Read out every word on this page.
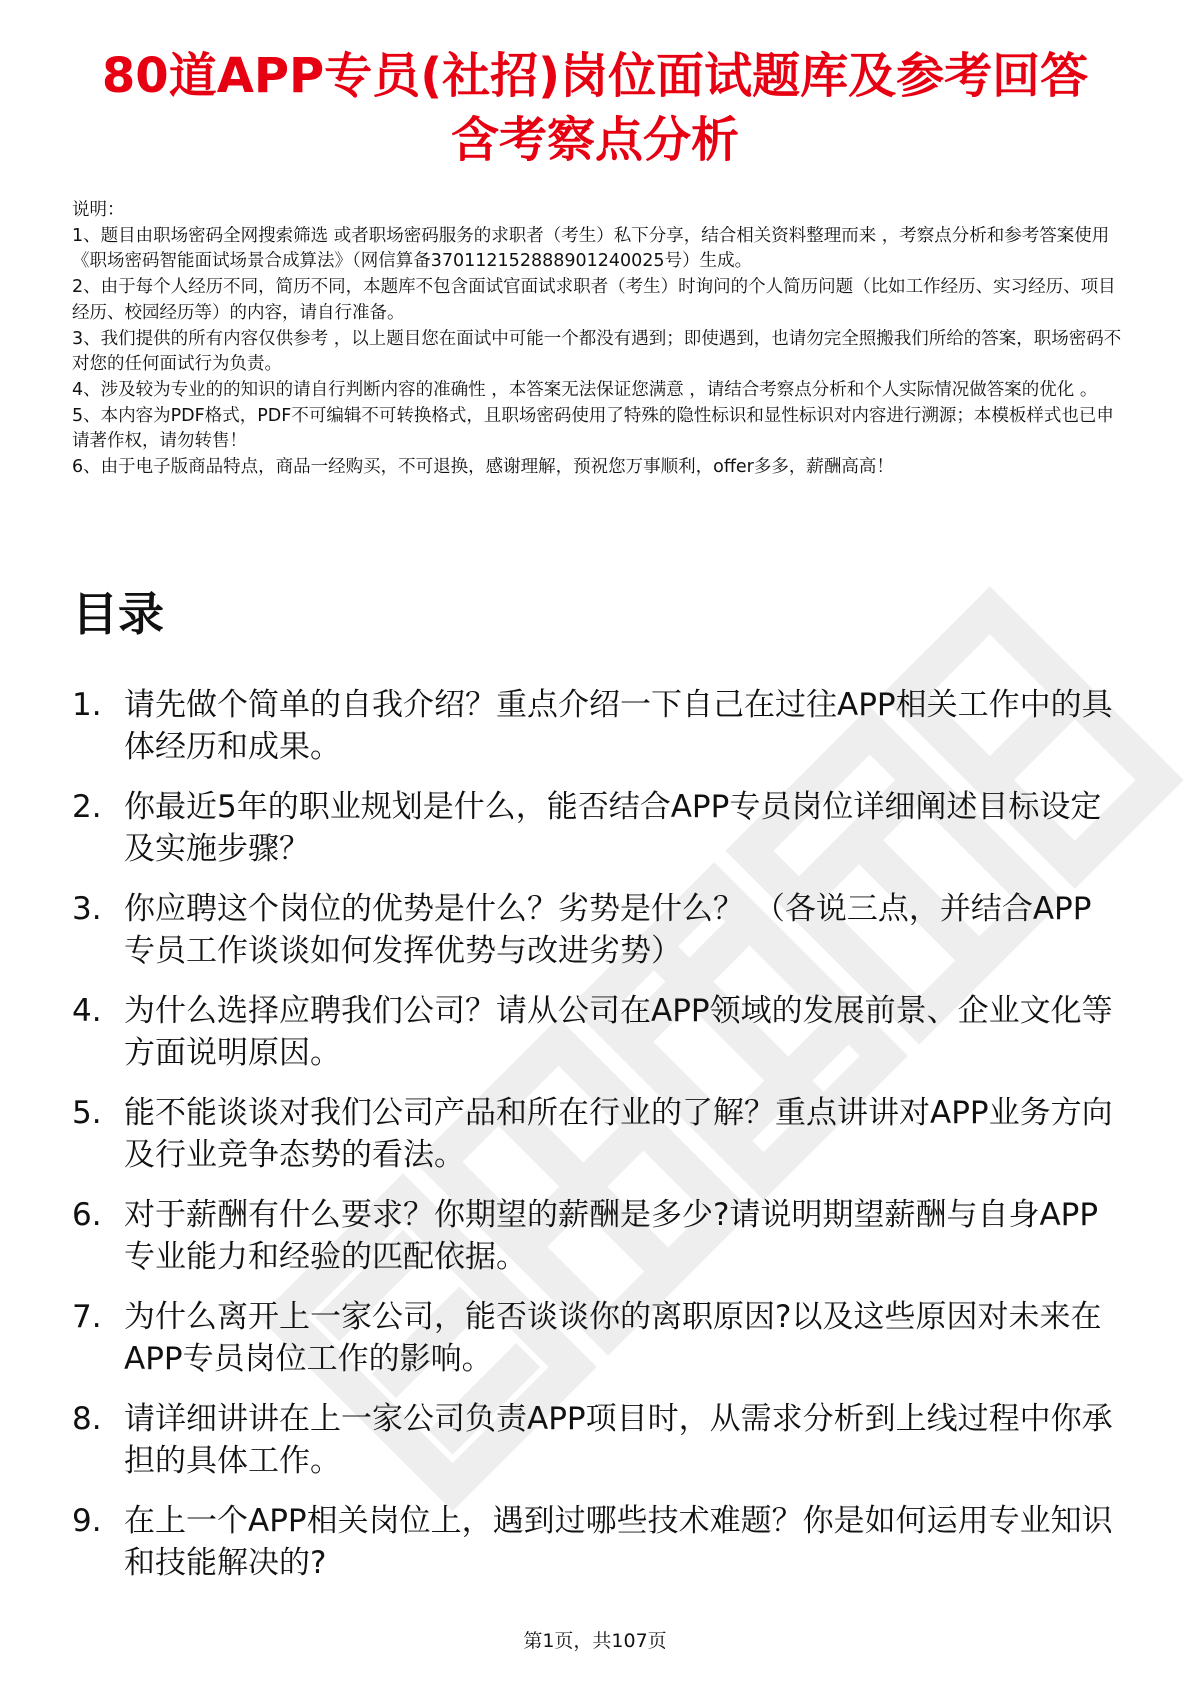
80道APP专员(社招)岗位面试题库及参考回答
含考察点分析

说明：

1、题目由职场密码全网搜索筛选 或者职场密码服务的求职者（考生）私下分享，结合相关资料整理而来 ，考察点分析和参考答案使用《职场密码智能面试场景合成算法》（网信算备370112152888901240025号）生成。

2、由于每个人经历不同，简历不同，本题库不包含面试官面试求职者（考生）时询问的个人简历问题（比如工作经历、实习经历、项目经历、校园经历等）的内容，请自行准备。

3、我们提供的所有内容仅供参考 ，以上题目您在面试中可能一个都没有遇到；即使遇到，也请勿完全照搬我们所给的答案，职场密码不对您的任何面试行为负责。

4、涉及较为专业的的知识的请自行判断内容的准确性 ，本答案无法保证您满意 ，请结合考察点分析和个人实际情况做答案的优化 。

5、本内容为PDF格式，PDF不可编辑不可转换格式，且职场密码使用了特殊的隐性标识和显性标识对内容进行溯源；本模板样式也已申请著作权，请勿转售！

6、由于电子版商品特点，商品一经购买，不可退换，感谢理解，预祝您万事顺利，offer多多，薪酬高高！

目录
1. 请先做个简单的自我介绍？重点介绍一下自己在过往APP相关工作中的具体经历和成果。
2. 你最近5年的职业规划是什么，能否结合APP专员岗位详细阐述目标设定及实施步骤？
3. 你应聘这个岗位的优势是什么？劣势是什么？ （各说三点，并结合APP专员工作谈谈如何发挥优势与改进劣势）
4. 为什么选择应聘我们公司？请从公司在APP领域的发展前景、企业文化等方面说明原因。
5. 能不能谈谈对我们公司产品和所在行业的了解？重点讲讲对APP业务方向及行业竞争态势的看法。
6. 对于薪酬有什么要求？你期望的薪酬是多少?请说明期望薪酬与自身APP专业能力和经验的匹配依据。
7. 为什么离开上一家公司，能否谈谈你的离职原因?以及这些原因对未来在APP专员岗位工作的影响。
8. 请详细讲讲在上一家公司负责APP项目时，从需求分析到上线过程中你承担的具体工作。
9. 在上一个APP相关岗位上，遇到过哪些技术难题？你是如何运用专业知识和技能解决的?
第1页，共107页
